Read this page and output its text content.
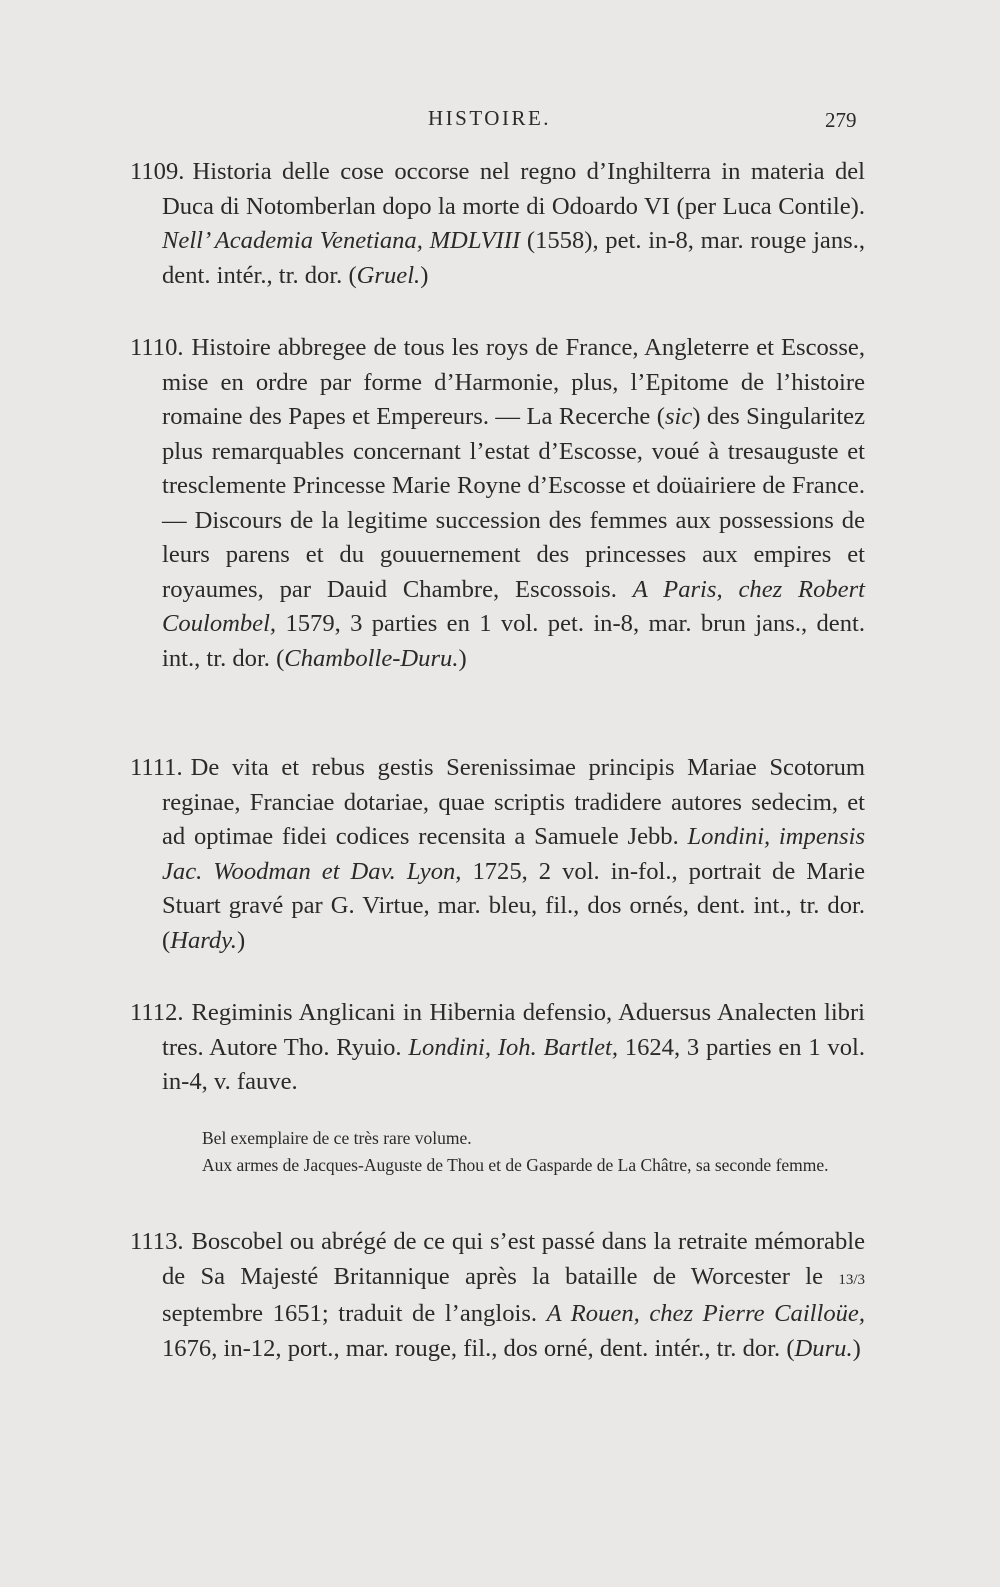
HISTOIRE.	279
1109. Historia delle cose occorse nel regno d’Inghilterra in materia del Duca di Notomberlan dopo la morte di Odoardo VI (per Luca Contile). Nell’ Academia Venetiana, MDLVIII (1558), pet. in-8, mar. rouge jans., dent. intér., tr. dor. (Gruel.)
1110. Histoire abbregee de tous les roys de France, Angleterre et Escosse, mise en ordre par forme d’Harmonie, plus, l’Epitome de l’histoire romaine des Papes et Empereurs. — La Recerche (sic) des Singularitez plus remarquables concernant l’estat d’Escosse, voué à tresauguste et tresclemente Princesse Marie Royne d’Escosse et doüairiere de France. — Discours de la legitime succession des femmes aux possessions de leurs parens et du gouuernement des princesses aux empires et royaumes, par Dauid Chambre, Escossois. A Paris, chez Robert Coulombel, 1579, 3 parties en 1 vol. pet. in-8, mar. brun jans., dent. int., tr. dor. (Chambolle-Duru.)
1111. De vita et rebus gestis Serenissimae principis Mariae Scotorum reginae, Franciae dotariae, quae scriptis tradidere autores sedecim, et ad optimae fidei codices recensita a Samuele Jebb. Londini, impensis Jac. Woodman et Dav. Lyon, 1725, 2 vol. in-fol., portrait de Marie Stuart gravé par G. Virtue, mar. bleu, fil., dos ornés, dent. int., tr. dor. (Hardy.)
1112. Regiminis Anglicani in Hibernia defensio, Aduersus Analecten libri tres. Autore Tho. Ryuio. Londini, Ioh. Bartlet, 1624, 3 parties en 1 vol. in-4, v. fauve.
Bel exemplaire de ce très rare volume.
Aux armes de Jacques-Auguste de Thou et de Gasparde de La Châtre, sa seconde femme.
1113. Boscobel ou abrégé de ce qui s’est passé dans la retraite mémorable de Sa Majesté Britannique après la bataille de Worcester le 13/3 septembre 1651; traduit de l’anglois. A Rouen, chez Pierre Cailloüe, 1676, in-12, port., mar. rouge, fil., dos orné, dent. intér., tr. dor. (Duru.)
